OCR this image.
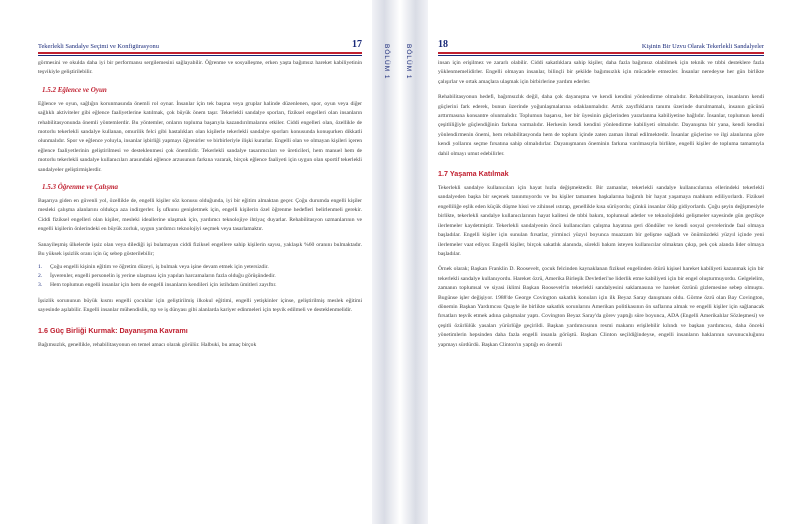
Tekerlekli Sandalye Seçimi ve Konfigürasyonu	17

görmesini ve okulda daha iyi bir performansı sergilemesini sağlayabilir. Öğrenme ve sosyalleşme, erken yaşta bağımsız hareket kabiliyetinin teşvikiyle geliştirilebilir.

1.5.2 Eğlence ve Oyun

Eğlence ve oyun, sağlığın korunmasında önemli rol oynar. İnsanlar için tek başına veya gruplar halinde düzenlenen, spor, oyun veya diğer sağlıklı aktiviteler gibi eğlence faaliyetlerine katılmak, çok büyük önem taşır. Tekerlekli sandalye sporları, fiziksel engelleri olan insanların rehabilitasyonunda önemli yöntemlerdir. Bu yöntemler, onların topluma başarıyla kazandırılmalarını etkiler. Ciddi engelleri olan, özellikle de motorlu tekerlekli sandalye kullanan, omurilik felci gibi hastalıkları olan kişilerle tekerlekli sandalye sporları konusunda konuşurken dikkatli olunmalıdır. Spor ve eğlence yoluyla, insanlar işbirliği yapmayı öğrenirler ve birbirleriyle ilişki kurarlar. Engelli olan ve olmayan kişileri içeren eğlence faaliyetlerinin geliştirilmesi ve desteklenmesi çok önemlidir. Tekerlekli sandalye tasarımcıları ve üreticileri, hem manuel hem de motorlu tekerlekli sandalye kullanıcıları arasındaki eğlence arzusunun farkına vararak, birçok eğlence faaliyeti için uygun olan sportif tekerlekli sandalyeler geliştirmişlerdir.

1.5.3 Öğrenme ve Çalışma

Başarıya giden en güvenli yol, özellikle de, engelli kişiler söz konusu olduğunda, iyi bir eğitim almaktan geçer. Çoğu durumda engelli kişiler mesleki çalışma alanlarını oldukça aza indirgerler. İş ufkunu genişletmek için, engelli kişilerin özel öğrenme hedefleri belirlenmeli gerekir. Ciddi fiziksel engelleri olan kişiler, mesleki ideallerine ulaşmak için, yardımcı teknolojiye ihtiyaç duyarlar. Rehabilitasyon uzmanlarının ve engelli kişilerin önlerindeki en büyük zorluk, uygun yardımcı teknolojiyi seçmek veya tasarlamaktır.

Sanayileşmiş ülkelerde işsiz olan veya dilediği işi bulamayan ciddi fiziksel engellere sahip kişilerin sayısı, yaklaşık %60 oranını bulmaktadır. Bu yüksek işsizlik oranı için üç sebep gösterilebilir;

1.	Çoğu engelli kişinin eğitim ve öğretim düzeyi, iş bulmak veya işine devam etmek için yetersizdir.
2.	İşverenler, engelli personelin iş yerine ulaşması için yapılan harcamaların fazla olduğu görüşündedir.
3.	Hem toplumun engelli insanlar için hem de engelli insanların kendileri için istihdam ümitleri zayıftır.

İşsizlik sorununun büyük kısmı engelli çocuklar için geliştirilmiş ilkokul eğitimi, engelli yetişkinler içinse, geliştirilmiş meslek eğitimi sayesinde aşılabilir. Engelli insanlar mühendislik, tıp ve iş dünyası gibi alanlarda kariyer edinmeleri için teşvik edilmeli ve desteklenmelidir.

1.6 Güç Birliği Kurmak: Dayanışma Kavramı

Bağımsızlık, genellikle, rehabilitasyonun en temel amacı olarak görülür. Halbuki, bu amaç birçok

BÖLÜM 1 BÖLÜM 1	18	Kişinin Bir Uzvu Olarak Tekerlekli Sandalyeler

insan için erişilmez ve zararlı olabilir. Ciddi sakatlıklara sahip kişiler, daha fazla bağımsız olabilmek için teknik ve tıbbi desteklere fazla yüklenmemelidirler. Engelli olmayan insanlar, bilinçli bir şekilde bağımsızlık için mücadele etmezler. İnsanlar neredeyse her gün birlikte çalışırlar ve ortak amaçlara ulaşmak için birbirlerine yardım ederler.

Rehabilitasyonun hedefi, bağımsızlık değil, daha çok dayanışma ve kendi kendini yönlendirme olmalıdır. Rehabilitasyon, insanların kendi güçlerini fark ederek, bunun üzerinde yoğunlaşmalarına odaklanmalıdır. Artık zayıflıkların tanımı üzerinde durulmamalı, insanın gücünü arttırmasına konsantre olunmalıdır. Toplumun başarısı, her bir üyesinin güçlerinden yararlanma kabiliyetine bağlıdır. İnsanlar, toplumun kendi çeşitliliğiyle güçlendiğinin farkına varmalıdır. Herkesin kendi kendini yönlendirme kabiliyeti olmalıdır. Dayanışma bir yana, kendi kendini yönlendirmenin önemi, hem rehabilitasyonda hem de toplum içinde zaten zaman ihmal edilmektedir. İnsanlar güçlerine ve ilgi alanlarına göre kendi yollarını seçme fırsatına sahip olmalıdırlar. Dayanışmanın öneminin farkına varılmasıyla birlikte, engelli kişiler de topluma tamamıyla dahil olmayı umut edebilirler.

1.7 Yaşama Katılmak

Tekerlekli sandalye kullanıcıları için hayat hızla değişmektedir. Bir zamanlar, tekerlekli sandalye kullanıcılarına ellerindeki tekerlekli sandalyeden başka bir seçenek tanınmıyordu ve bu kişiler tamamen başkalarına bağımlı bir hayat yaşamaya mahkum ediliyorlardı. Fiziksel engelliliğe eşlik eden küçük düşme hissi ve zihinsel ıstırap, genellikle kısa sürüyordu; çünkü insanlar ölüp gidiyorlardı. Çoğu şeyin değişmesiyle birlikte, tekerlekli sandalye kullanıcılarının hayat kalitesi de tıbbi bakım, toplumsal adetler ve teknolojideki gelişmeler sayesinde gün geçtikçe ilerlemeler kaydetmiştir. Tekerlekli sandalyenin öncü kullanıcıları çalışma hayatına geri döndüler ve kendi sosyal çevrelerinde faal olmaya başladılar. Engelli kişiler için sunulan fırsatlar, yirminci yüzyıl boyunca muazzam bir gelişme sağladı ve önümüzdeki yüzyıl içinde yeni ilerlemeler vaat ediyor. Engelli kişiler, birçok sakatlık alanında, sürekli bakım isteyen kullanıcılar olmaktan çıkıp, pek çok alanda lider olmaya başladılar.

Örnek olarak; Başkan Franklin D. Roosevelt, çocuk felcinden kaynaklanan fiziksel engelinden ötürü kişisel hareket kabiliyeti kazanmak için bir tekerlekli sandalye kullanıyordu. Hareket özrü, Amerika Birleşik Devletleri'ne liderlik etme kabiliyeti için bir engel oluşturmuyordu. Gelgelelim, zamanın toplumsal ve siyasi iklimi Başkan Roosevelt'in tekerlekli sandalyesini saklamasına ve hareket özrünü gizlemesine sebep olmuştu. Bugünse işler değişiyor. 1988'de George Covington sakatlık konuları için ilk Beyaz Saray danışmanı oldu. Görme özrü olan Bay Covington, dönemin Başkan Yardımcısı Quayle ile birlikte sakatlık sorunlarını Amerikan politikasının ön saflarına almak ve engelli kişiler için sağlanacak fırsatları teşvik etmek adına çalışmalar yaptı. Covington Beyaz Saray'da görev yaptığı süre boyunca, ADA (Engelli Amerikalılar Sözleşmesi) ve çeşitli özürlülük yasaları yürürlüğe geçirildi. Başkan yardımcısının resmi makamı erişilebilir kılındı ve başkan yardımcısı, daha önceki yönetimlerin hepsinden daha fazla engelli insanla görüştü. Başkan Clinton seçildiğindeyse, engelli insanların haklarının savunuculuğunu yapmayı sürdürdü. Başkan Clinton'ın yaptığı en önemli
